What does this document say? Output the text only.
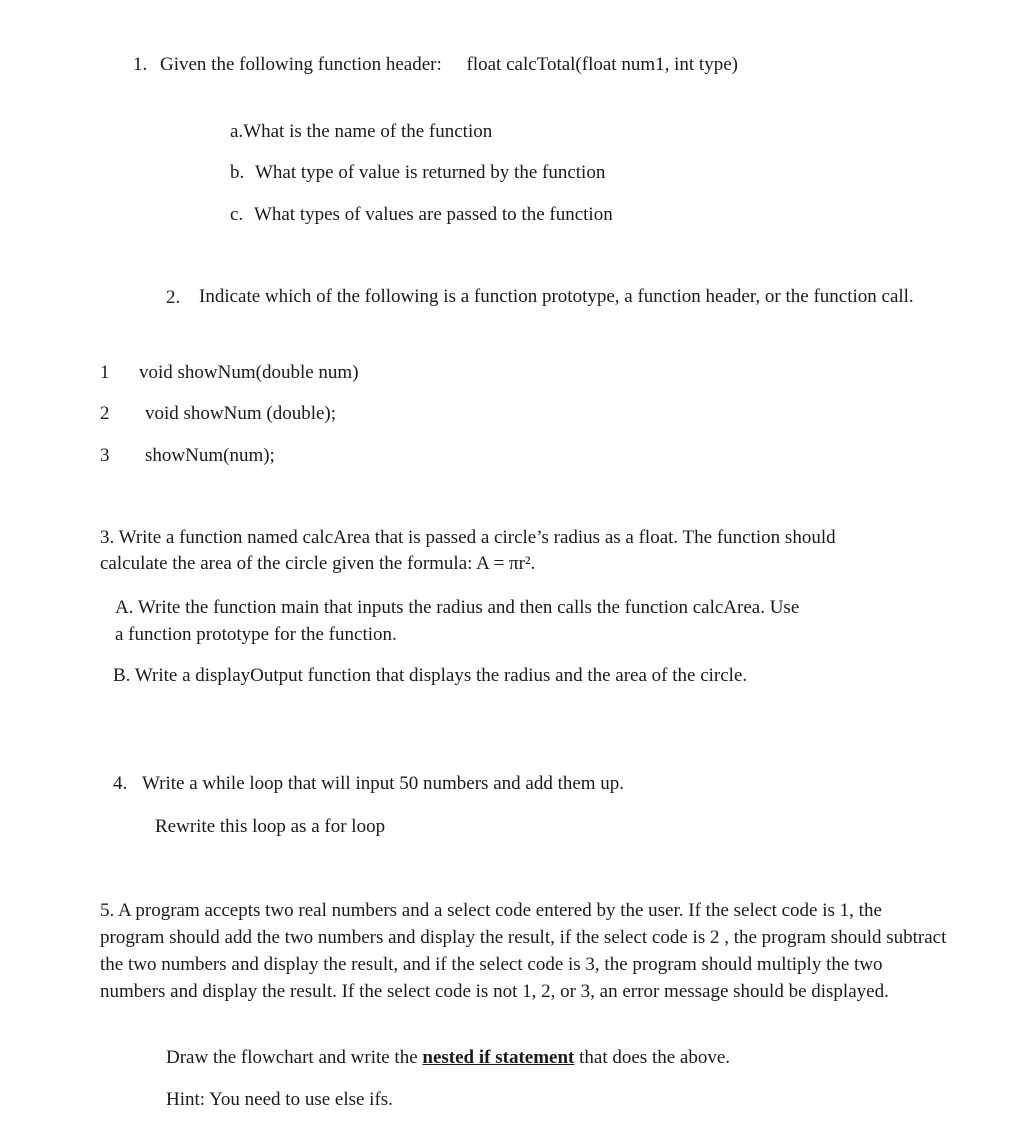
1. Given the following function header: float calcTotal(float num1, int type)
a.What is the name of the function
b. What type of value is returned by the function
c. What types of values are passed to the function
2. Indicate which of the following is a function prototype, a function header, or the function call.
1 void showNum(double num)
2 void showNum (double);
3 showNum(num);
3. Write a function named calcArea that is passed a circle’s radius as a float. The function should calculate the area of the circle given the formula: A = πr².
A. Write the function main that inputs the radius and then calls the function calcArea. Use a function prototype for the function.
B. Write a displayOutput function that displays the radius and the area of the circle.
4. Write a while loop that will input 50 numbers and add them up.
Rewrite this loop as a for loop
5. A program accepts two real numbers and a select code entered by the user. If the select code is 1, the program should add the two numbers and display the result, if the select code is 2 , the program should subtract the two numbers and display the result, and if the select code is 3, the program should multiply the two numbers and display the result. If the select code is not 1, 2, or 3, an error message should be displayed.
Draw the flowchart and write the nested if statement that does the above.
Hint: You need to use else ifs.
